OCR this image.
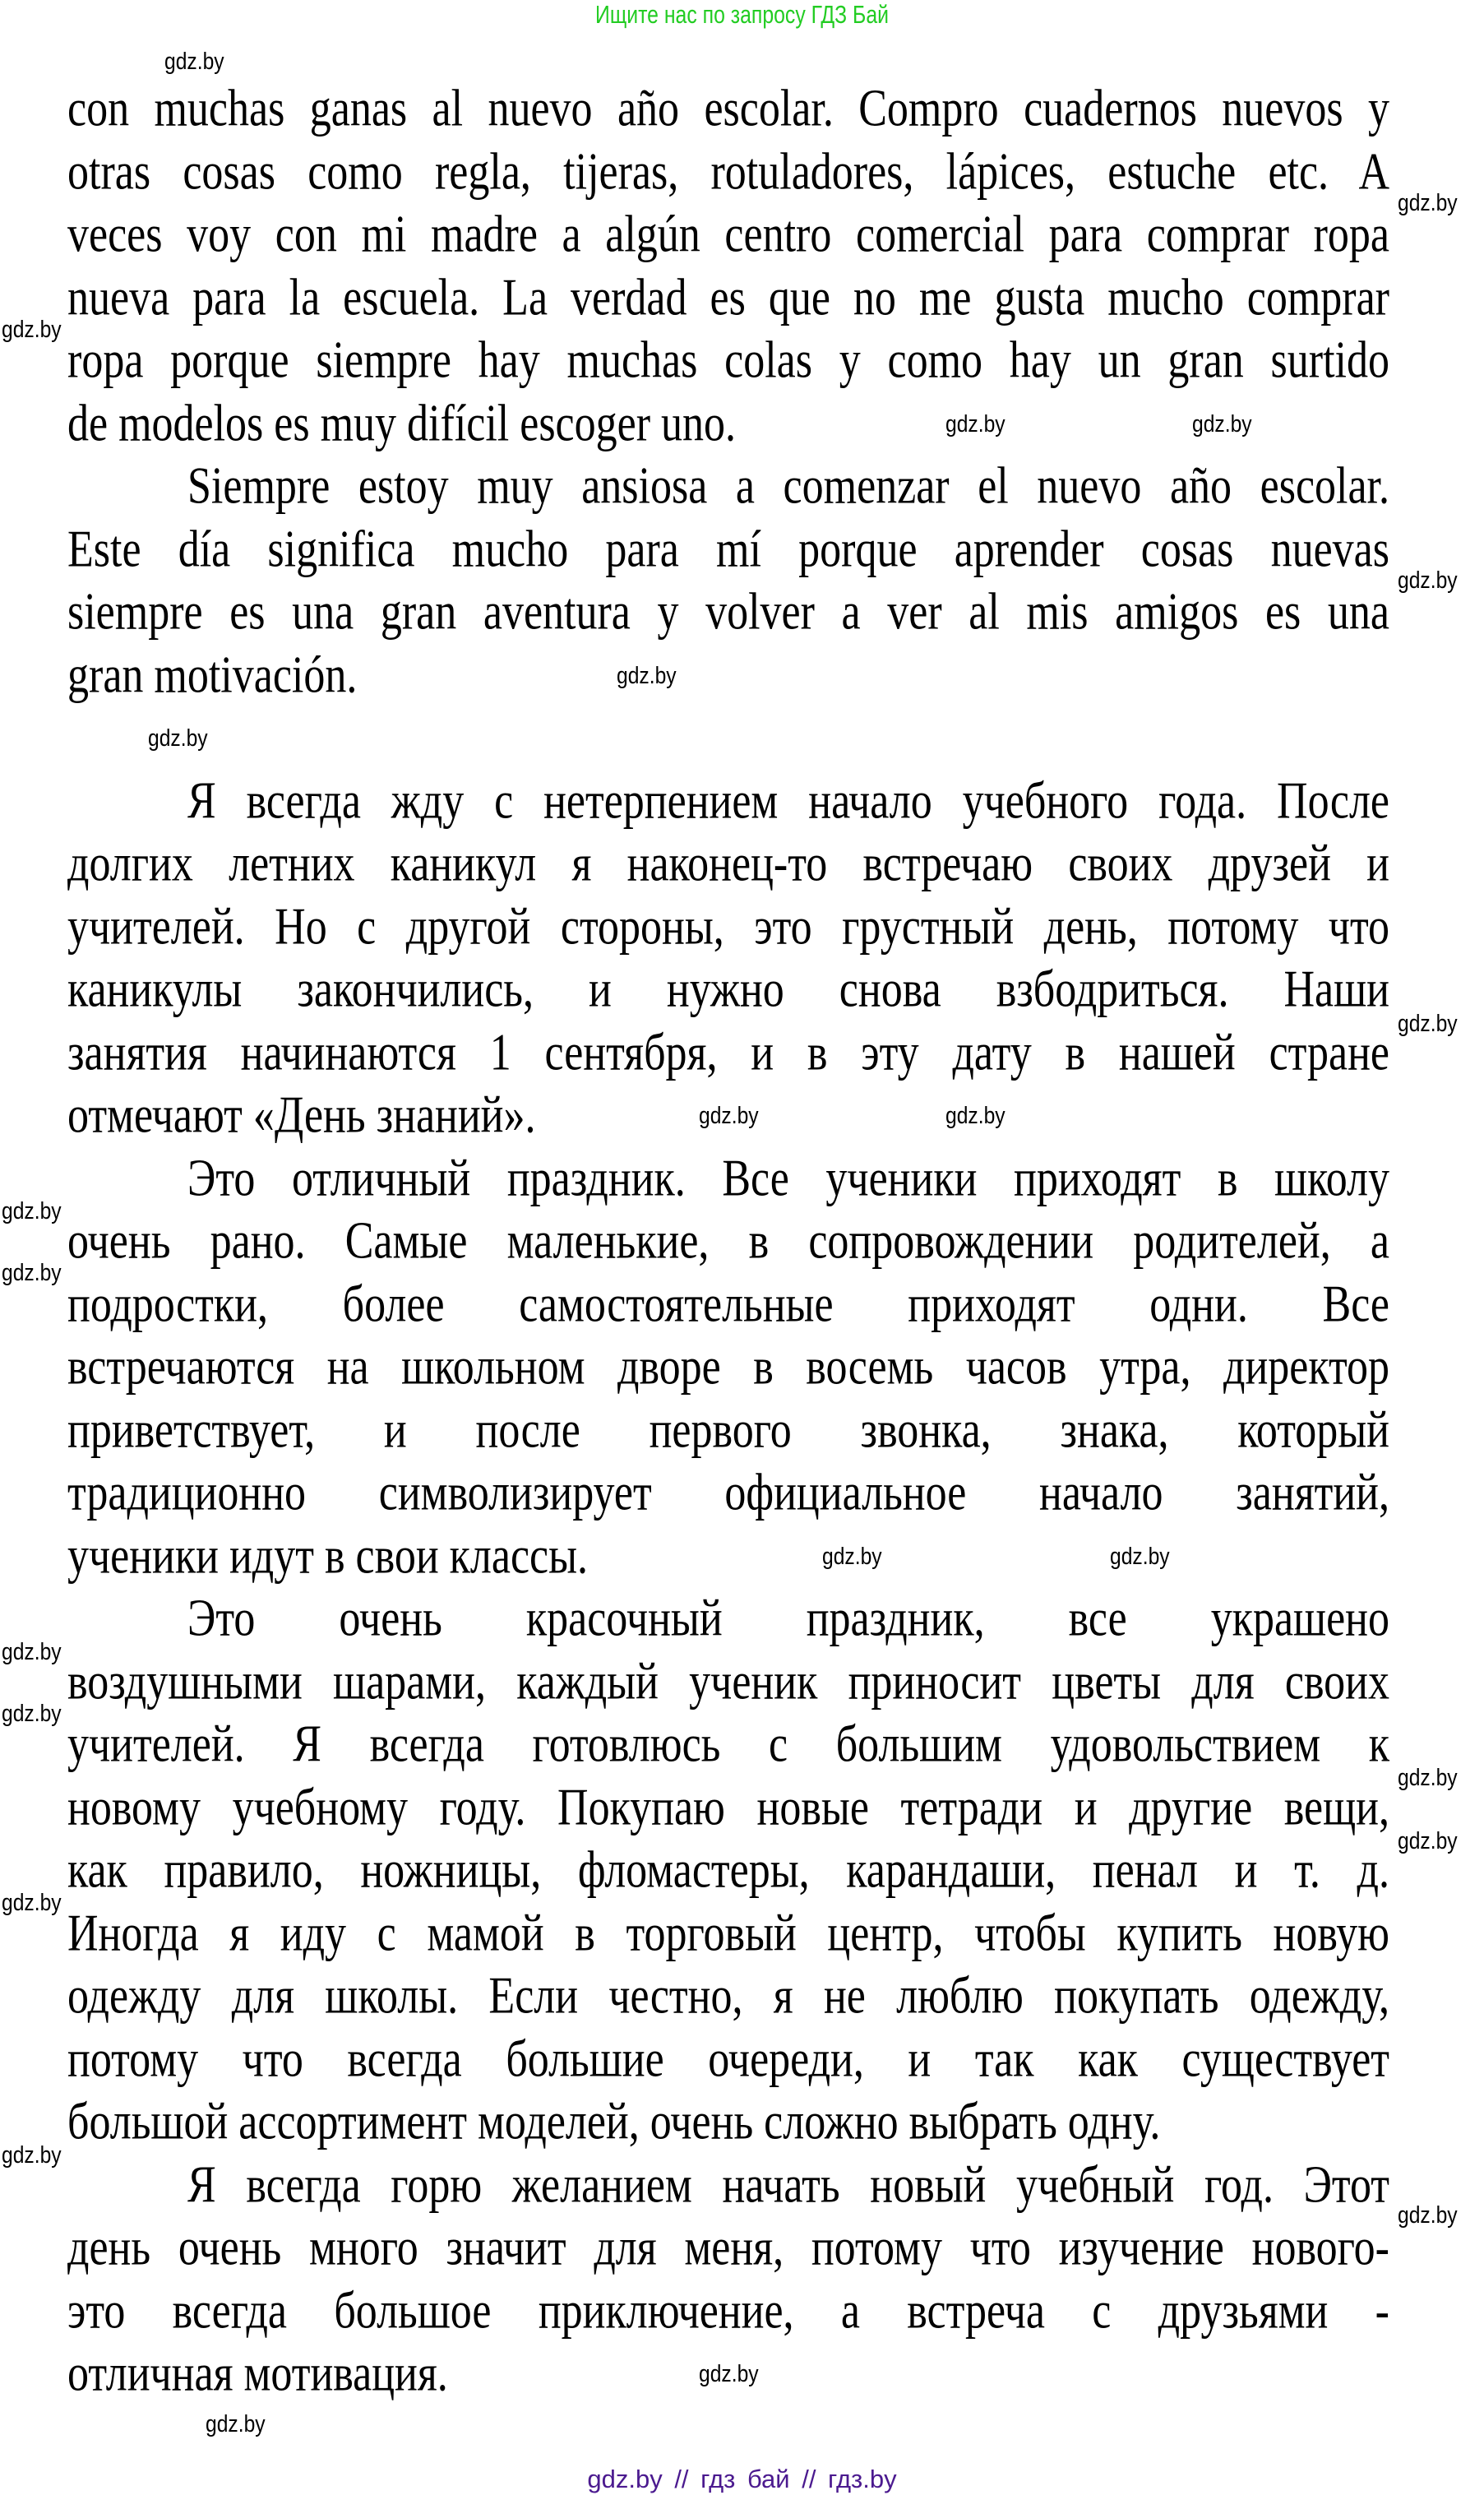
Ищите нас по запросу ГДЗ Бай
con muchas ganas al nuevo año escolar. Compro cuadernos nuevos y
otras cosas como regla, tijeras, rotuladores, lápices, estuche etc. A
veces voy con mi madre a algún centro comercial para comprar ropa
nueva para la escuela. La verdad es que no me gusta mucho comprar
ropa porque siempre hay muchas colas y como hay un gran surtido
de modelos es muy difícil escoger uno.
Siempre estoy muy ansiosa a comenzar el nuevo año escolar.
Este día significa mucho para mí porque aprender cosas nuevas
siempre es una gran aventura y volver a ver al mis amigos es una
gran motivación.
Я всегда жду с нетерпением начало учебного года. После
долгих летних каникул я наконец-то встречаю своих друзей и
учителей. Но с другой стороны, это грустный день, потому что
каникулы закончились, и нужно снова взбодриться. Наши
занятия начинаются 1 сентября, и в эту дату в нашей стране
отмечают «День знаний».
Это отличный праздник. Все ученики приходят в школу
очень рано. Самые маленькие, в сопровождении родителей, а
подростки, более самостоятельные приходят одни. Все
встречаются на школьном дворе в восемь часов утра, директор
приветствует, и после первого звонка, знака, который
традиционно символизирует официальное начало занятий,
ученики идут в свои классы.
Это очень красочный праздник, все украшено
воздушными шарами, каждый ученик приносит цветы для своих
учителей. Я всегда готовлюсь с большим удовольствием к
новому учебному году. Покупаю новые тетради и другие вещи,
как правило, ножницы, фломастеры, карандаши, пенал и т. д.
Иногда я иду с мамой в торговый центр, чтобы купить новую
одежду для школы. Если честно, я не люблю покупать одежду,
потому что всегда большие очереди, и так как существует
большой ассортимент моделей, очень сложно выбрать одну.
Я всегда горю желанием начать новый учебный год. Этот
день очень много значит для меня, потому что изучение нового-
это всегда большое приключение, а встреча с друзьями -
отличная мотивация.
gdz.by
gdz.by
gdz.by
gdz.by	gdz.by
gdz.by
gdz.by
gdz.by
gdz.by
gdz.by	gdz.by
gdz.by
gdz.by
gdz.by	gdz.by
gdz.by
gdz.by
gdz.by
gdz.by
gdz.by
gdz.by
gdz.by
gdz.by
gdz.by
gdz.by // гдз бай // гдз.by
